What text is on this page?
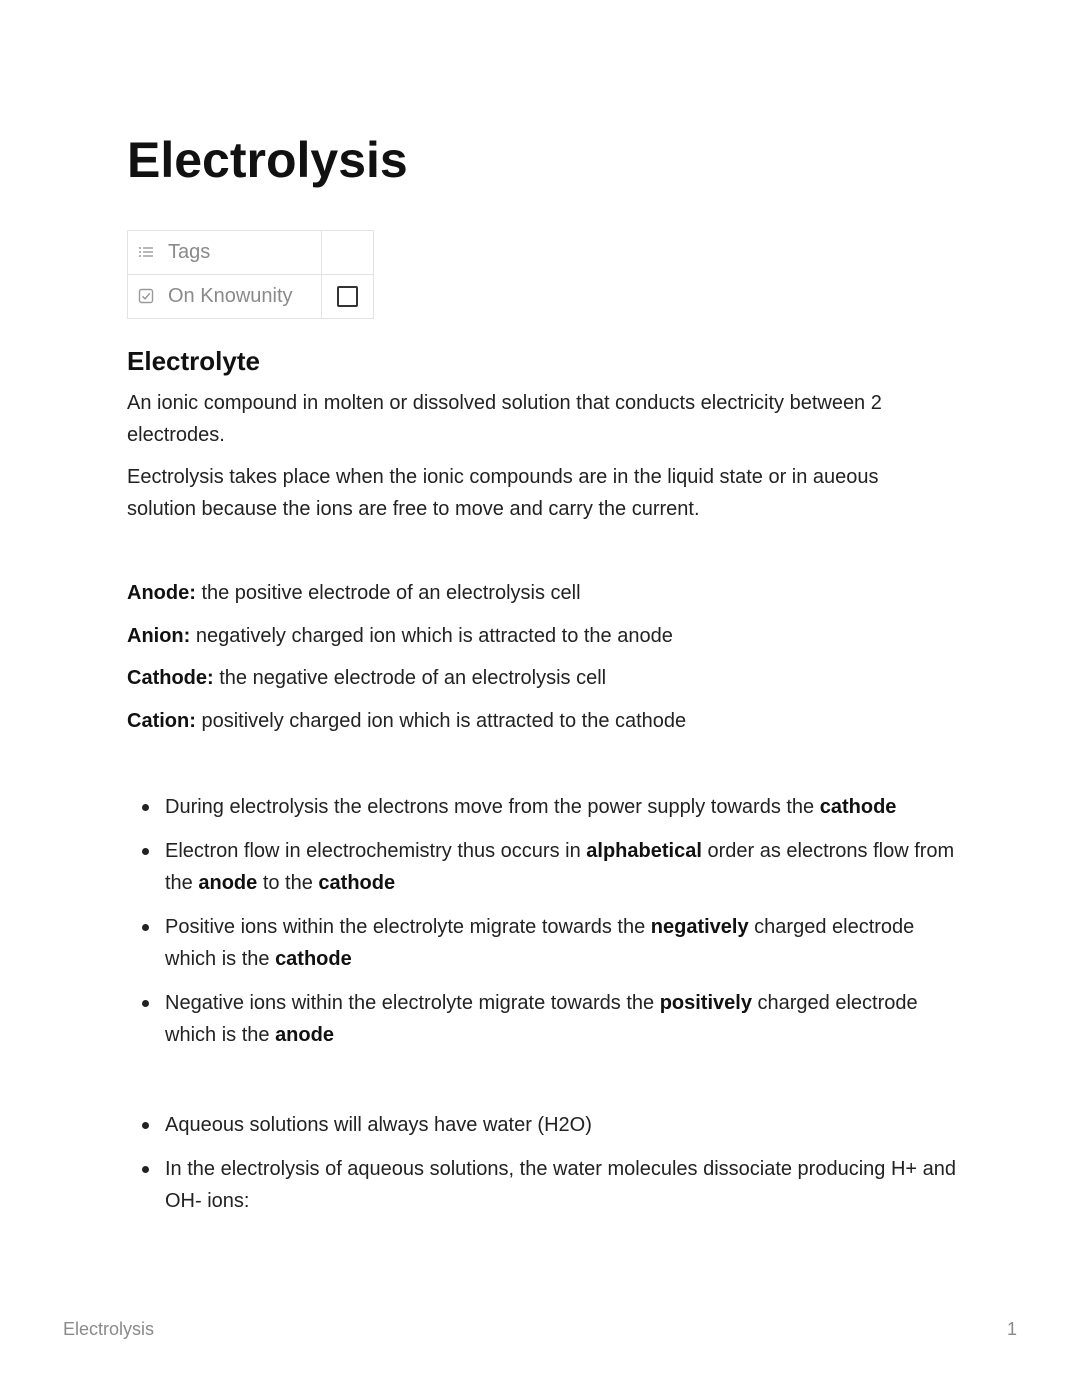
Electrolysis
Tags	
On Knowunity	
Electrolyte

An ionic compound in molten or dissolved solution that conducts electricity between 2 electrodes.

Eectrolysis takes place when the ionic compounds are in the liquid state or in aueous solution because the ions are free to move and carry the current.

Anode: the positive electrode of an electrolysis cell
Anion: negatively charged ion which is attracted to the anode
Cathode: the negative electrode of an electrolysis cell
Cation: positively charged ion which is attracted to the cathode
During electrolysis the electrons move from the power supply towards the cathode
Electron flow in electrochemistry thus occurs in alphabetical order as electrons flow from the anode to the cathode
Positive ions within the electrolyte migrate towards the negatively charged electrode which is the cathode
Negative ions within the electrolyte migrate towards the positively charged electrode which is the anode
Aqueous solutions will always have water (H2O)
In the electrolysis of aqueous solutions, the water molecules dissociate producing H+ and OH- ions:
Electrolysis	1
